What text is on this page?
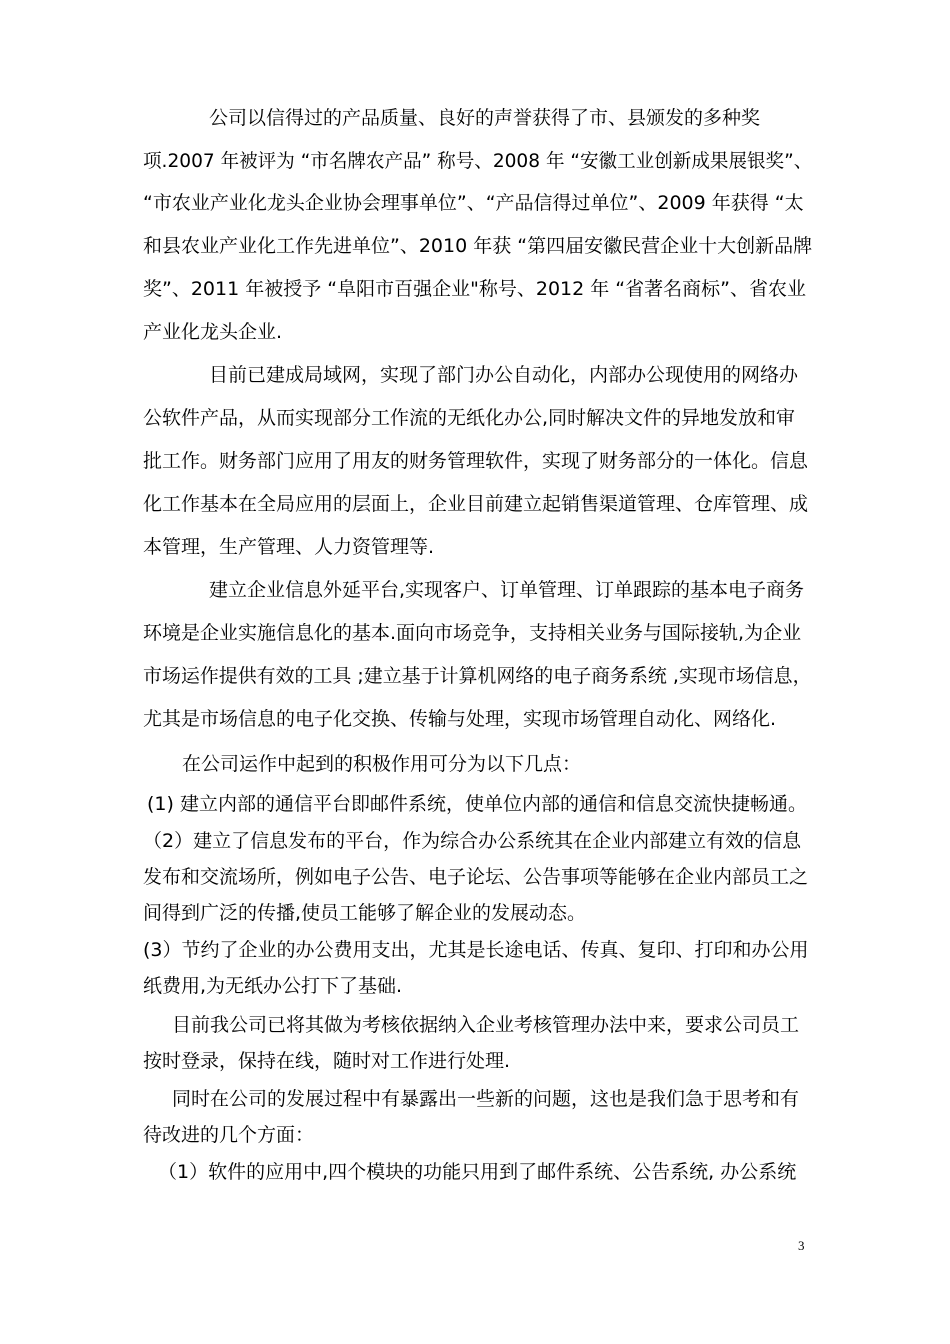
公司以信得过的产品质量、良好的声誉获得了市、县颁发的多种奖
项.2007 年被评为 “市名牌农产品” 称号、2008 年 “安徽工业创新成果展银奖”、
“市农业产业化龙头企业协会理事单位”、“产品信得过单位”、2009 年获得 “太
和县农业产业化工作先进单位”、2010 年获 “第四届安徽民营企业十大创新品牌
奖”、2011 年被授予 “阜阳市百强企业"称号、2012 年 “省著名商标”、省农业
产业化龙头企业.
目前已建成局域网，实现了部门办公自动化，内部办公现使用的网络办
公软件产品，从而实现部分工作流的无纸化办公,同时解决文件的异地发放和审
批工作。财务部门应用了用友的财务管理软件，实现了财务部分的一体化。信息
化工作基本在全局应用的层面上，企业目前建立起销售渠道管理、仓库管理、成
本管理，生产管理、人力资管理等.
建立企业信息外延平台,实现客户、订单管理、订单跟踪的基本电子商务
环境是企业实施信息化的基本.面向市场竞争，支持相关业务与国际接轨,为企业
市场运作提供有效的工具 ;建立基于计算机网络的电子商务系统 ,实现市场信息，
尤其是市场信息的电子化交换、传输与处理，实现市场管理自动化、网络化.
在公司运作中起到的积极作用可分为以下几点：
(1) 建立内部的通信平台即邮件系统，使单位内部的通信和信息交流快捷畅通。
（2）建立了信息发布的平台，作为综合办公系统其在企业内部建立有效的信息
发布和交流场所，例如电子公告、电子论坛、公告事项等能够在企业内部员工之
间得到广泛的传播,使员工能够了解企业的发展动态。
(3）节约了企业的办公费用支出，尤其是长途电话、传真、复印、打印和办公用
纸费用,为无纸办公打下了基础.
目前我公司已将其做为考核依据纳入企业考核管理办法中来，要求公司员工
按时登录，保持在线，随时对工作进行处理.
同时在公司的发展过程中有暴露出一些新的问题，这也是我们急于思考和有
待改进的几个方面：
（1）软件的应用中,四个模块的功能只用到了邮件系统、公告系统, 办公系统
3
